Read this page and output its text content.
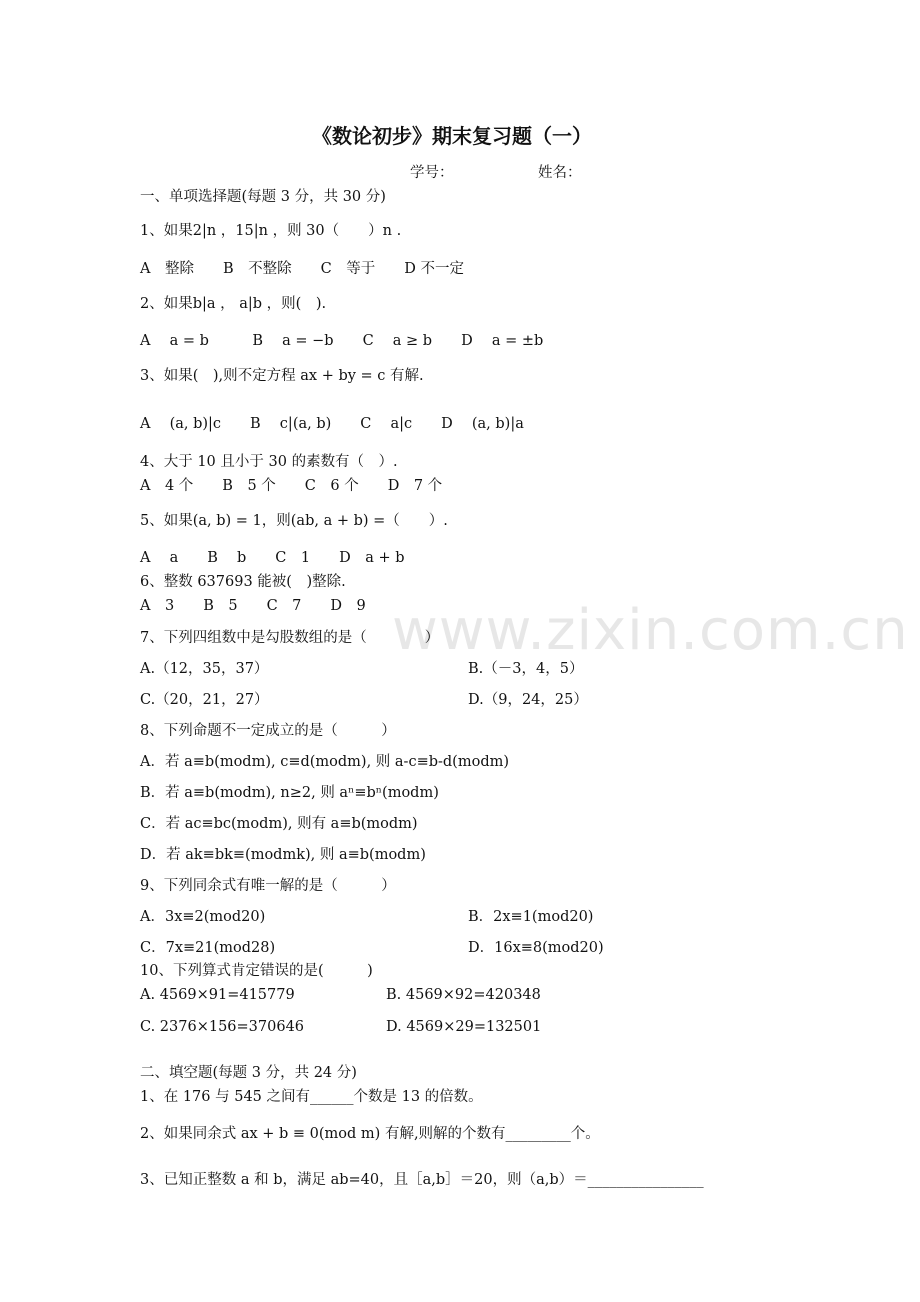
www.zixin.com.cn
《数论初步》期末复习题（一）
学号：	姓名：
一、单项选择题(每题 3 分，共 30 分)
1、如果2|n ，15|n ，则 30（　　）n .
A　整除　　B　不整除　　C　等于　　D 不一定
2、如果b|a ， a|b ，则(　).
A　 a = b　　　B　 a = −b　　C　 a ≥ b　　D　 a = ±b
3、如果(　),则不定方程 ax + by = c 有解.
A　 (a, b)|c　　B　 c|(a, b)　　C　 a|c　　D　 (a, b)|a
4、大于 10 且小于 30 的素数有（　）.
A　4 个　　B　5 个　　C　6 个　　D　7 个
5、如果(a, b) = 1，则(ab, a + b) =（　　）.
A　 a　　B　 b　　C　1　　D　a + b
6、整数 637693 能被(　)整除.
A　3　　B　5　　C　7　　D　9
7、下列四组数中是勾股数组的是（　　　　）
A.（12，35，37）	B.（－3，4，5）
C.（20，21，27）	D.（9，24，25）
8、下列命题不一定成立的是（　　　）
A．若 a≡b(modm), c≡d(modm), 则 a-c≡b-d(modm)
B．若 a≡b(modm), n≥2, 则 aⁿ≡bⁿ(modm)
C．若 ac≡bc(modm), 则有 a≡b(modm)
D．若 ak≡bk≡(modmk), 则 a≡b(modm)
9、下列同余式有唯一解的是（　　　）
A．3x≡2(mod20)	B．2x≡1(mod20)
C．7x≡21(mod28)	D．16x≡8(mod20)
10、下列算式肯定错误的是(　　　)
A. 4569×91=415779	B. 4569×92=420348
C. 2376×156=370646	D. 4569×29=132501
二、填空题(每题 3 分，共 24 分)
1、在 176 与 545 之间有______个数是 13 的倍数。
2、如果同余式 ax + b ≡ 0(mod m) 有解,则解的个数有_________个。
3、已知正整数 a 和 b，满足 ab=40，且［a,b］＝20，则（a,b）＝________________
